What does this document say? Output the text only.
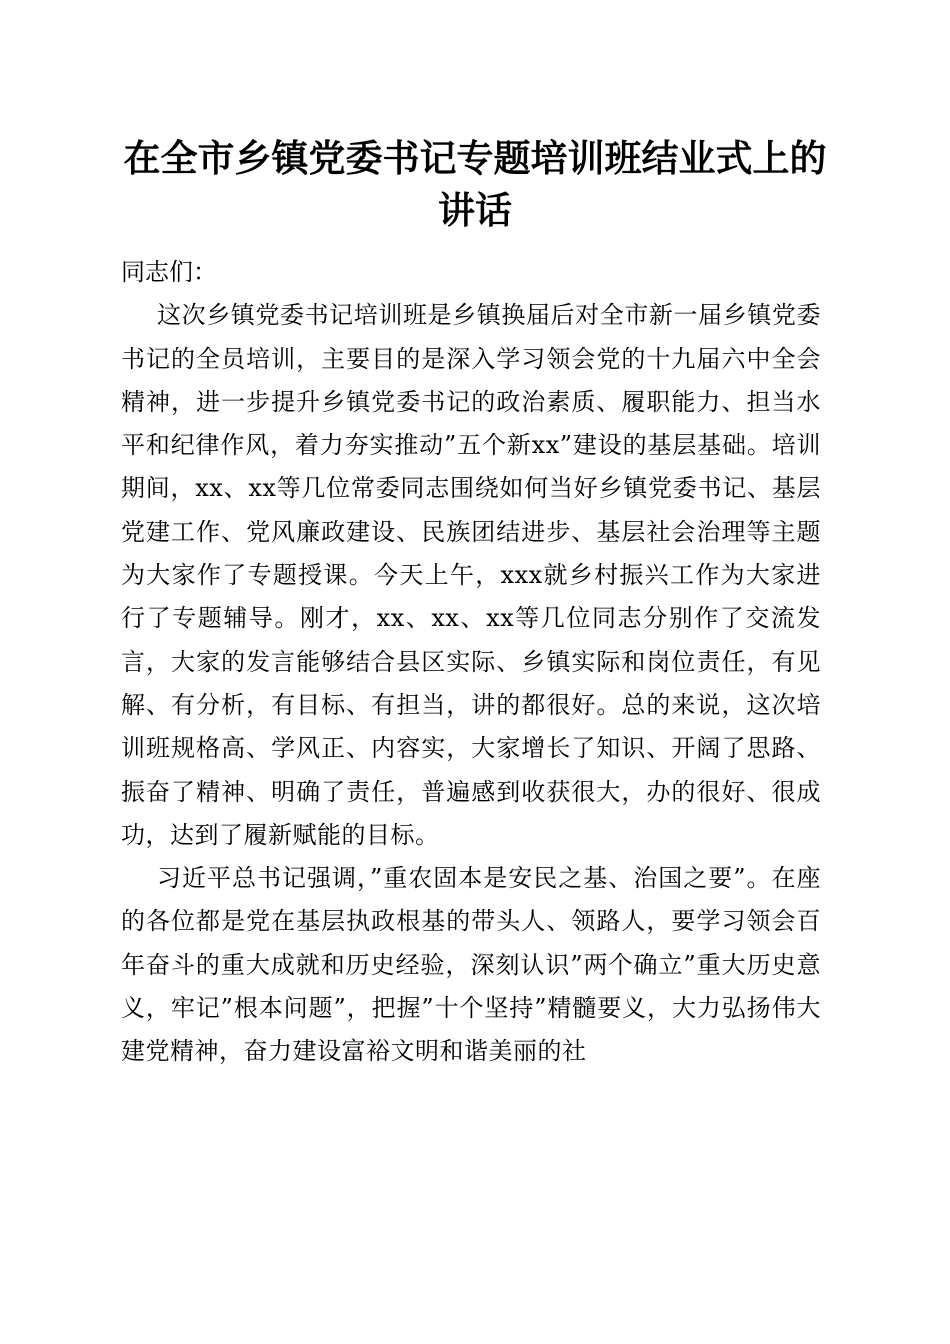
在全市乡镇党委书记专题培训班结业式上的讲话

同志们：

这次乡镇党委书记培训班是乡镇换届后对全市新一届乡镇党委书记的全员培训，主要目的是深入学习领会党的十九届六中全会精神，进一步提升乡镇党委书记的政治素质、履职能力、担当水平和纪律作风，着力夯实推动”五个新xx”建设的基层基础。培训期间，xx、xx等几位常委同志围绕如何当好乡镇党委书记、基层党建工作、党风廉政建设、民族团结进步、基层社会治理等主题为大家作了专题授课。今天上午，xxx就乡村振兴工作为大家进行了专题辅导。刚才，xx、xx、xx等几位同志分别作了交流发言，大家的发言能够结合县区实际、乡镇实际和岗位责任，有见解、有分析，有目标、有担当，讲的都很好。总的来说，这次培训班规格高、学风正、内容实，大家增长了知识、开阔了思路、振奋了精神、明确了责任，普遍感到收获很大，办的很好、很成功，达到了履新赋能的目标。

习近平总书记强调，”重农固本是安民之基、治国之要”。在座的各位都是党在基层执政根基的带头人、领路人，要学习领会百年奋斗的重大成就和历史经验，深刻认识”两个确立”重大历史意义，牢记”根本问题”，把握”十个坚持”精髓要义，大力弘扬伟大建党精神，奋力建设富裕文明和谐美丽的社
